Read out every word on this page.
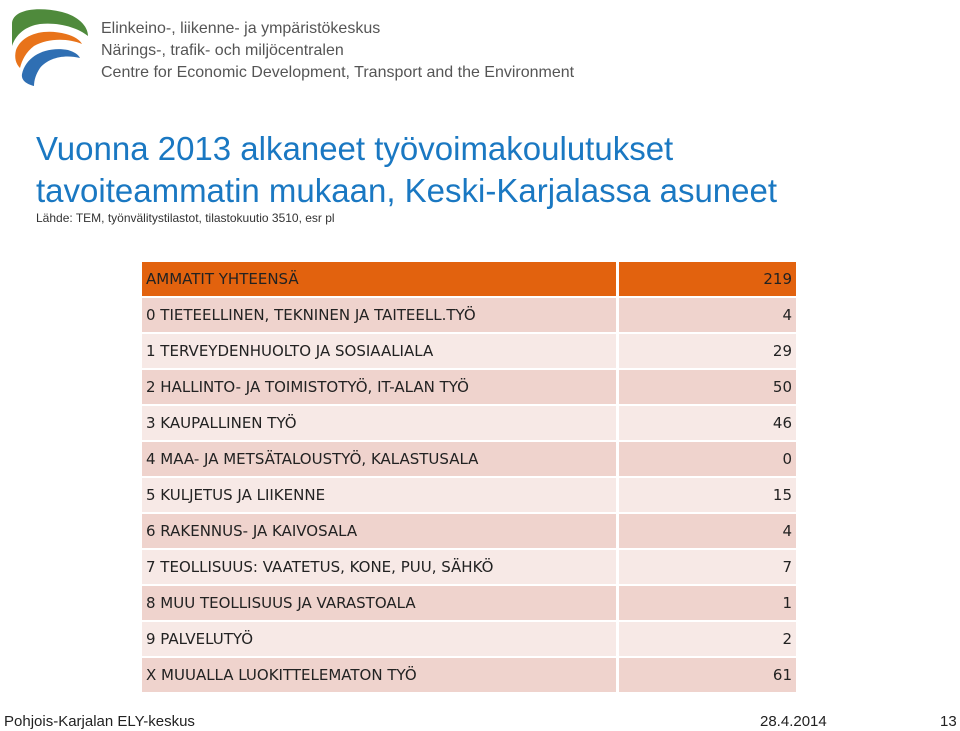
Elinkeino-, liikenne- ja ympäristökeskus
Närings-, trafik- och miljöcentralen
Centre for Economic Development, Transport and the Environment
Vuonna 2013 alkaneet työvoimakoulutukset
tavoiteammatin mukaan, Keski-Karjalassa asuneet
Lähde: TEM, työnvälitystilastot, tilastokuutio 3510, esr pl
AMMATIT YHTEENSÄ	219
0 TIETEELLINEN, TEKNINEN JA TAITEELL.TYÖ	4
1 TERVEYDENHUOLTO JA SOSIAALIALA	29
2 HALLINTO- JA TOIMISTOTYÖ, IT-ALAN TYÖ	50
3 KAUPALLINEN TYÖ	46
4 MAA- JA METSÄTALOUSTYÖ, KALASTUSALA	0
5 KULJETUS JA LIIKENNE	15
6 RAKENNUS- JA KAIVOSALA	4
7 TEOLLISUUS: VAATETUS, KONE, PUU, SÄHKÖ	7
8 MUU TEOLLISUUS JA VARASTOALA	1
9 PALVELUTYÖ	2
X MUUALLA LUOKITTELEMATON TYÖ	61
Pohjois-Karjalan ELY-keskus	28.4.2014	13
